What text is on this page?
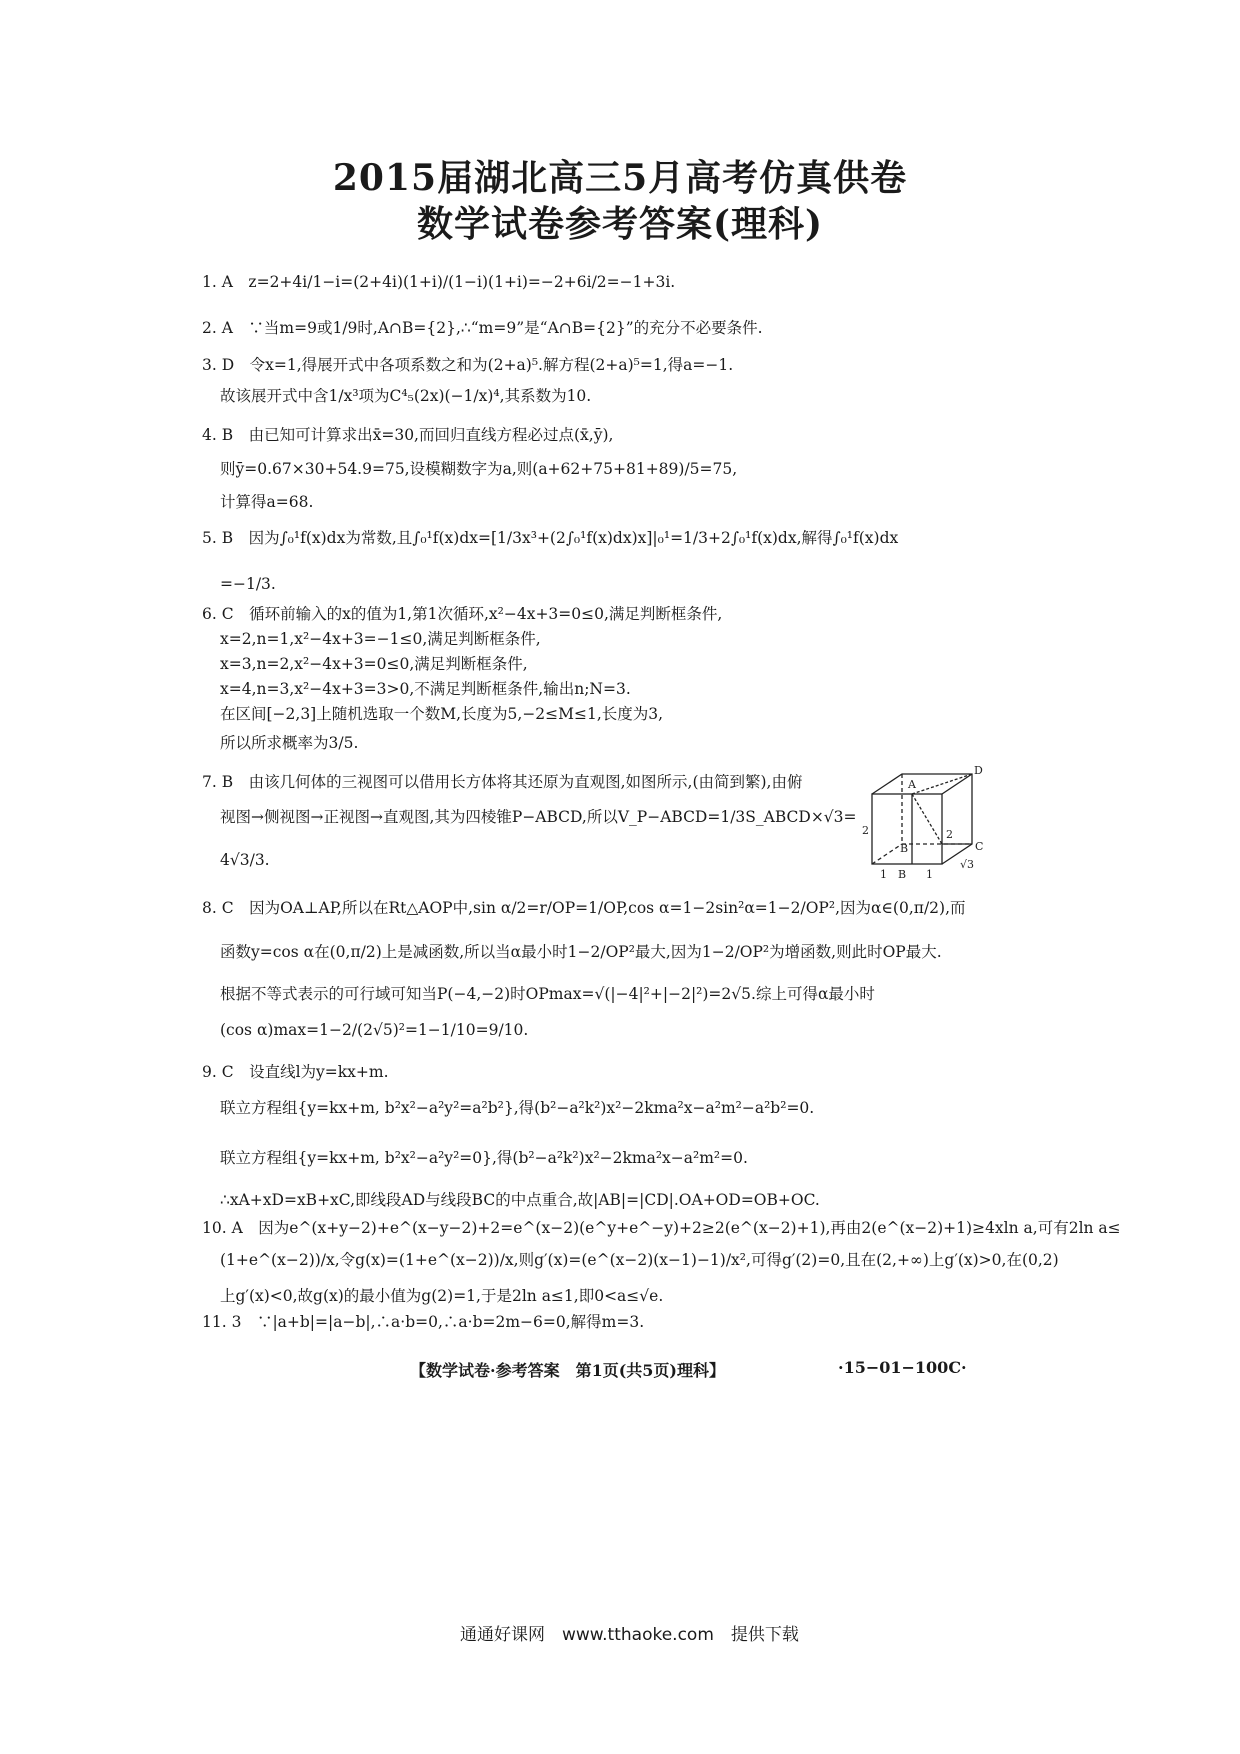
2015届湖北高三5月高考仿真供卷
数学试卷参考答案(理科)
1. A　z=2+4i/1−i=(2+4i)(1+i)/(1−i)(1+i)=−2+6i/2=−1+3i.
2. A　∵当m=9或1/9时,A∩B={2},∴“m=9”是“A∩B={2}”的充分不必要条件.
3. D　令x=1,得展开式中各项系数之和为(2+a)⁵.解方程(2+a)⁵=1,得a=−1.
故该展开式中含1/x³项为C⁴₅(2x)(−1/x)⁴,其系数为10.
4. B　由已知可计算求出x̄=30,而回归直线方程必过点(x̄,ȳ),
则ȳ=0.67×30+54.9=75,设模糊数字为a,则(a+62+75+81+89)/5=75,
计算得a=68.
5. B　因为∫₀¹f(x)dx为常数,且∫₀¹f(x)dx=[1/3x³+(2∫₀¹f(x)dx)x]|₀¹=1/3+2∫₀¹f(x)dx,解得∫₀¹f(x)dx
=−1/3.
6. C　循环前输入的x的值为1,第1次循环,x²−4x+3=0≤0,满足判断框条件,
x=2,n=1,x²−4x+3=−1≤0,满足判断框条件,
x=3,n=2,x²−4x+3=0≤0,满足判断框条件,
x=4,n=3,x²−4x+3=3>0,不满足判断框条件,输出n;N=3.
在区间[−2,3]上随机选取一个数M,长度为5,−2≤M≤1,长度为3,
所以所求概率为3/5.
7. B　由该几何体的三视图可以借用长方体将其还原为直观图,如图所示,(由简到繁),由俯
视图→侧视图→正视图→直观图,其为四棱锥P−ABCD,所以V_P−ABCD=1/3S_ABCD×√3=
4√3/3.
8. C　因为OA⊥AP,所以在Rt△AOP中,sin α/2=r/OP=1/OP,cos α=1−2sin²α=1−2/OP²,因为α∈(0,π/2),而
函数y=cos α在(0,π/2)上是减函数,所以当α最小时1−2/OP²最大,因为1−2/OP²为增函数,则此时OP最大.
根据不等式表示的可行域可知当P(−4,−2)时OPmax=√(|−4|²+|−2|²)=2√5.综上可得α最小时
(cos α)max=1−2/(2√5)²=1−1/10=9/10.
9. C　设直线l为y=kx+m.
联立方程组{y=kx+m, b²x²−a²y²=a²b²},得(b²−a²k²)x²−2kma²x−a²m²−a²b²=0.
联立方程组{y=kx+m, b²x²−a²y²=0},得(b²−a²k²)x²−2kma²x−a²m²=0.
∴xA+xD=xB+xC,即线段AD与线段BC的中点重合,故|AB|=|CD|.OA+OD=OB+OC.
10. A　因为e^(x+y−2)+e^(x−y−2)+2=e^(x−2)(e^y+e^−y)+2≥2(e^(x−2)+1),再由2(e^(x−2)+1)≥4xln a,可有2ln a≤
(1+e^(x−2))/x,令g(x)=(1+e^(x−2))/x,则g′(x)=(e^(x−2)(x−1)−1)/x²,可得g′(2)=0,且在(2,+∞)上g′(x)>0,在(0,2)
上g′(x)<0,故g(x)的最小值为g(2)=1,于是2ln a≤1,即0<a≤√e.
11. 3　∵|a+b|=|a−b|,∴a·b=0,∴a·b=2m−6=0,解得m=3.
A
B	C
D
2	2
1 B 1
√3
【数学试卷·参考答案　第1页(共5页)理科】	·15−01−100C·
通通好课网　www.tthaoke.com　提供下载
